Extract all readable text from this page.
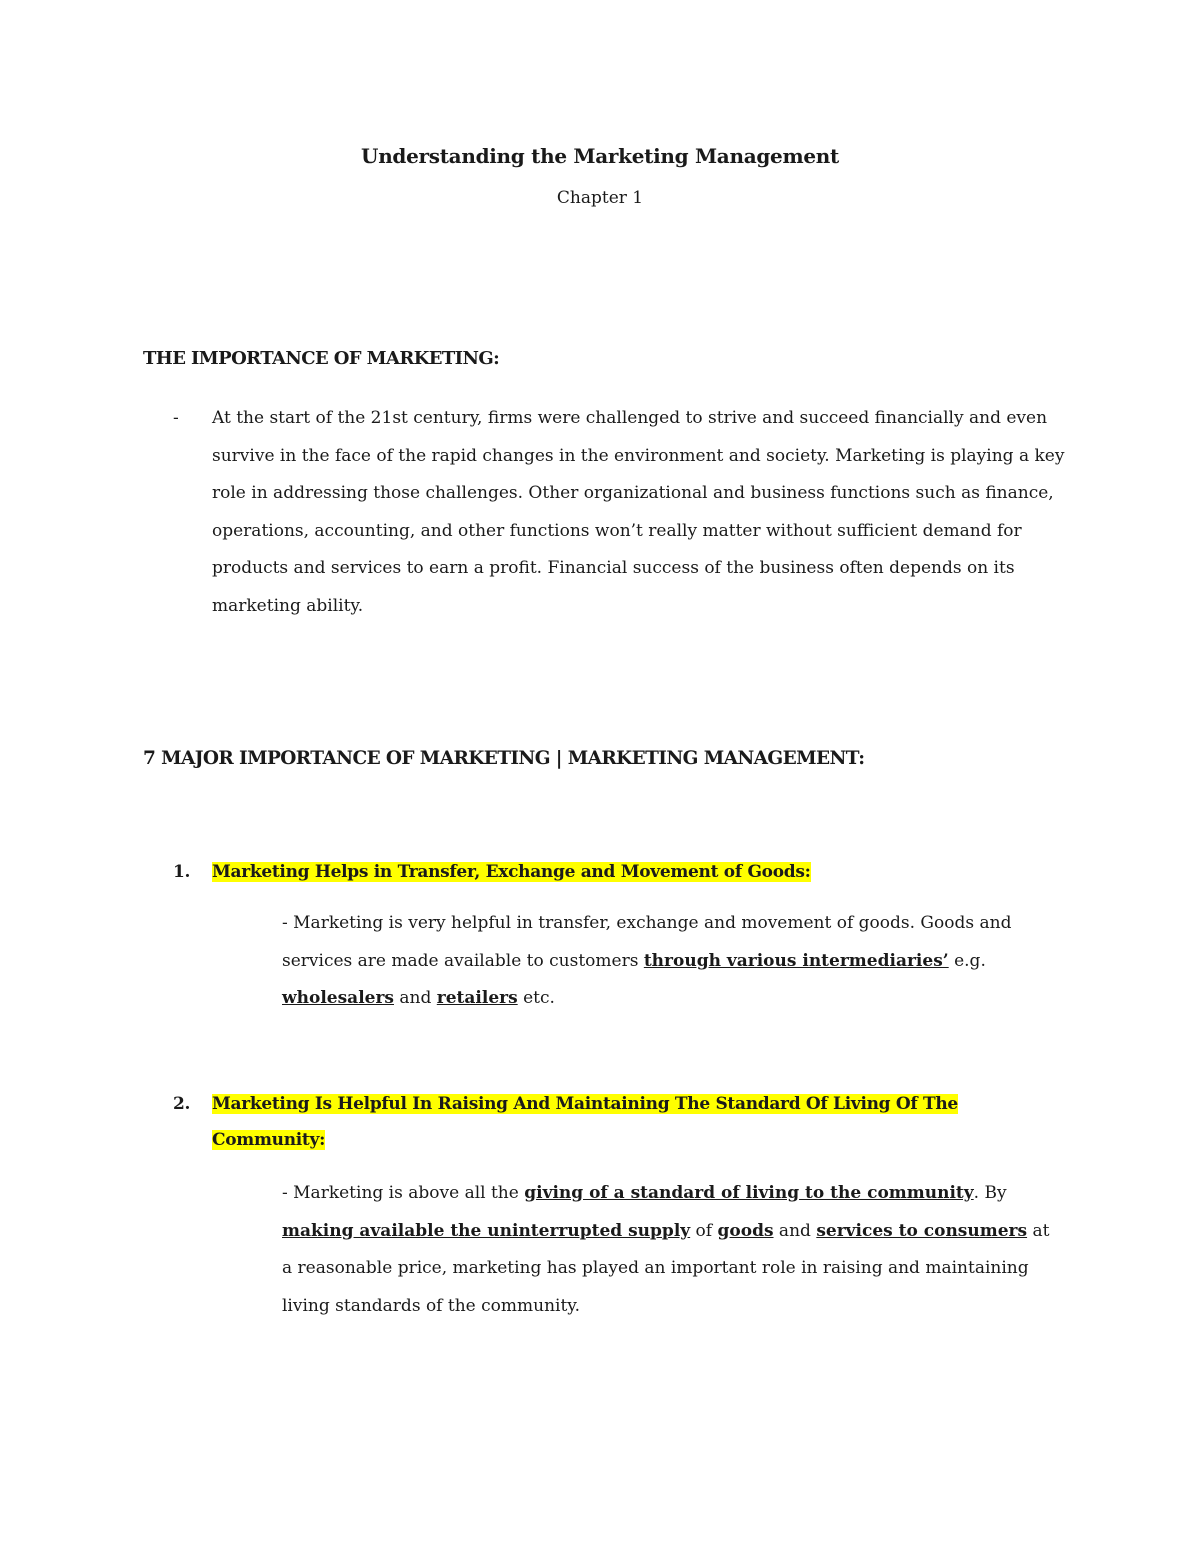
Understanding the Marketing Management
Chapter 1
THE IMPORTANCE OF MARKETING:
- At the start of the 21st century, firms were challenged to strive and succeed financially and even survive in the face of the rapid changes in the environment and society. Marketing is playing a key role in addressing those challenges. Other organizational and business functions such as finance, operations, accounting, and other functions won’t really matter without sufficient demand for products and services to earn a profit. Financial success of the business often depends on its marketing ability.
7 MAJOR IMPORTANCE OF MARKETING | MARKETING MANAGEMENT:
1. Marketing Helps in Transfer, Exchange and Movement of Goods:
- Marketing is very helpful in transfer, exchange and movement of goods. Goods and services are made available to customers through various intermediaries’ e.g.
wholesalers and retailers etc.
2. Marketing Is Helpful In Raising And Maintaining The Standard Of Living Of The Community:
- Marketing is above all the giving of a standard of living to the community. By
making available the uninterrupted supply of goods and services to consumers at a reasonable price, marketing has played an important role in raising and maintaining living standards of the community.
